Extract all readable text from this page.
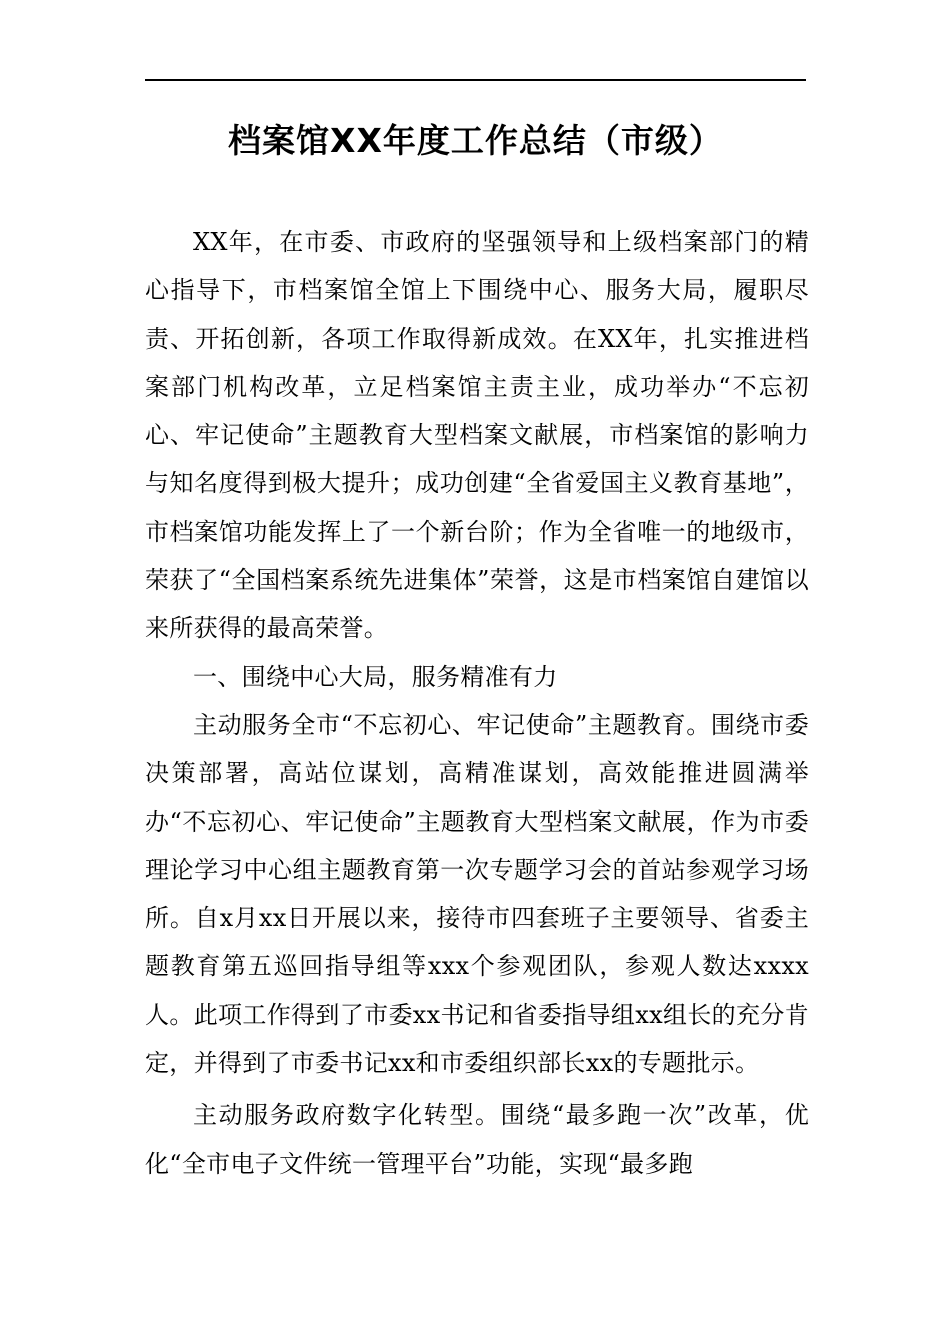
档案馆XX年度工作总结（市级）

XX年，在市委、市政府的坚强领导和上级档案部门的精心指导下，市档案馆全馆上下围绕中心、服务大局，履职尽责、开拓创新，各项工作取得新成效。在XX年，扎实推进档案部门机构改革，立足档案馆主责主业，成功举办“不忘初心、牢记使命”主题教育大型档案文献展，市档案馆的影响力与知名度得到极大提升；成功创建“全省爱国主义教育基地”，市档案馆功能发挥上了一个新台阶；作为全省唯一的地级市，荣获了“全国档案系统先进集体”荣誉，这是市档案馆自建馆以来所获得的最高荣誉。

一、围绕中心大局，服务精准有力

主动服务全市“不忘初心、牢记使命”主题教育。围绕市委决策部署，高站位谋划，高精准谋划，高效能推进圆满举办“不忘初心、牢记使命”主题教育大型档案文献展，作为市委理论学习中心组主题教育第一次专题学习会的首站参观学习场所。自x月xx日开展以来，接待市四套班子主要领导、省委主题教育第五巡回指导组等xxx个参观团队，参观人数达xxxx人。此项工作得到了市委xx书记和省委指导组xx组长的充分肯定，并得到了市委书记xx和市委组织部长xx的专题批示。

主动服务政府数字化转型。围绕“最多跑一次”改革，优化“全市电子文件统一管理平台”功能，实现“最多跑
